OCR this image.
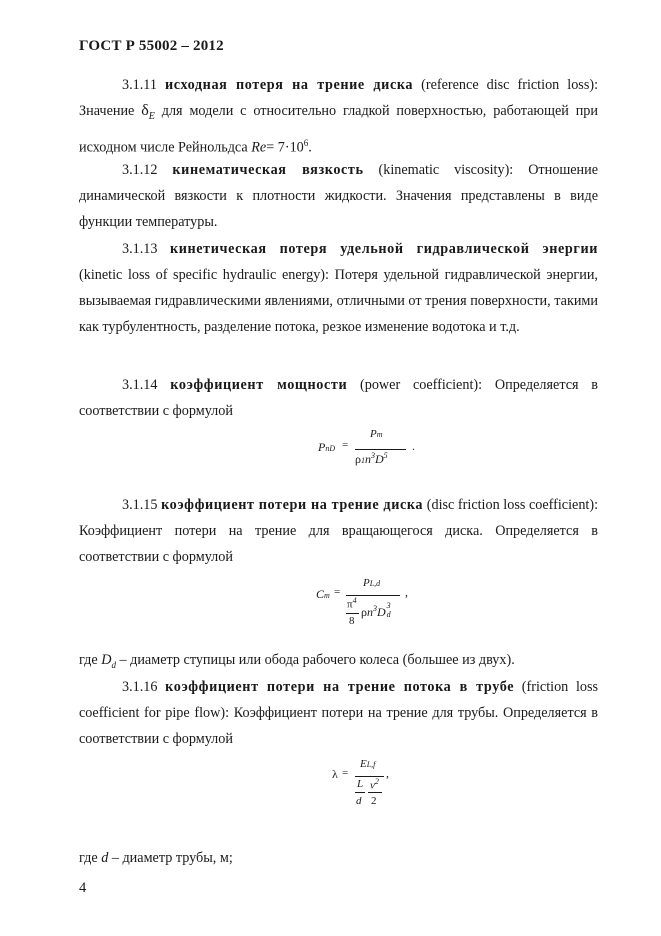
ГОСТ Р 55002 – 2012

3.1.11 исходная потеря на трение диска (reference disc friction loss): Значение $\delta_E$ для модели с относительно гладкой поверхностью, работающей при исходном числе Рейнольдса $Re= 7\cdot 10^6$.

3.1.12 кинематическая вязкость (kinematic viscosity): Отношение динамической вязкости к плотности жидкости. Значения представлены в виде функции температуры.

3.1.13 кинетическая потеря удельной гидравлической энергии (kinetic loss of specific hydraulic energy): Потеря удельной гидравлической энергии, вызываемая гидравлическими явлениями, отличными от трения поверхности, такими как турбулентность, разделение потока, резкое изменение водотока и т.д.

3.1.14 коэффициент мощности (power coefficient): Определяется в соответствии с формулой

PnD =
Pm
$\rho 1n^3D^5$
.

3.1.15 коэффициент потери на трение диска (disc friction loss coefficient): Коэффициент потери на трение для вращающегося диска. Определяется в соответствии с формулой

Cm =
PL,d
$\pi^4$
8
$\rho n^3D$ 3
d
,

где $D_d$ – диаметр ступицы или обода рабочего колеса (большее из двух).

3.1.16 коэффициент потери на трение потока в трубе (friction loss coefficient for pipe flow): Коэффициент потери на трение для трубы. Определяется в соответствии с формулой

λ =
EL,f
L
d
$v^2$
2
,

где d – диаметр трубы, м;

4
